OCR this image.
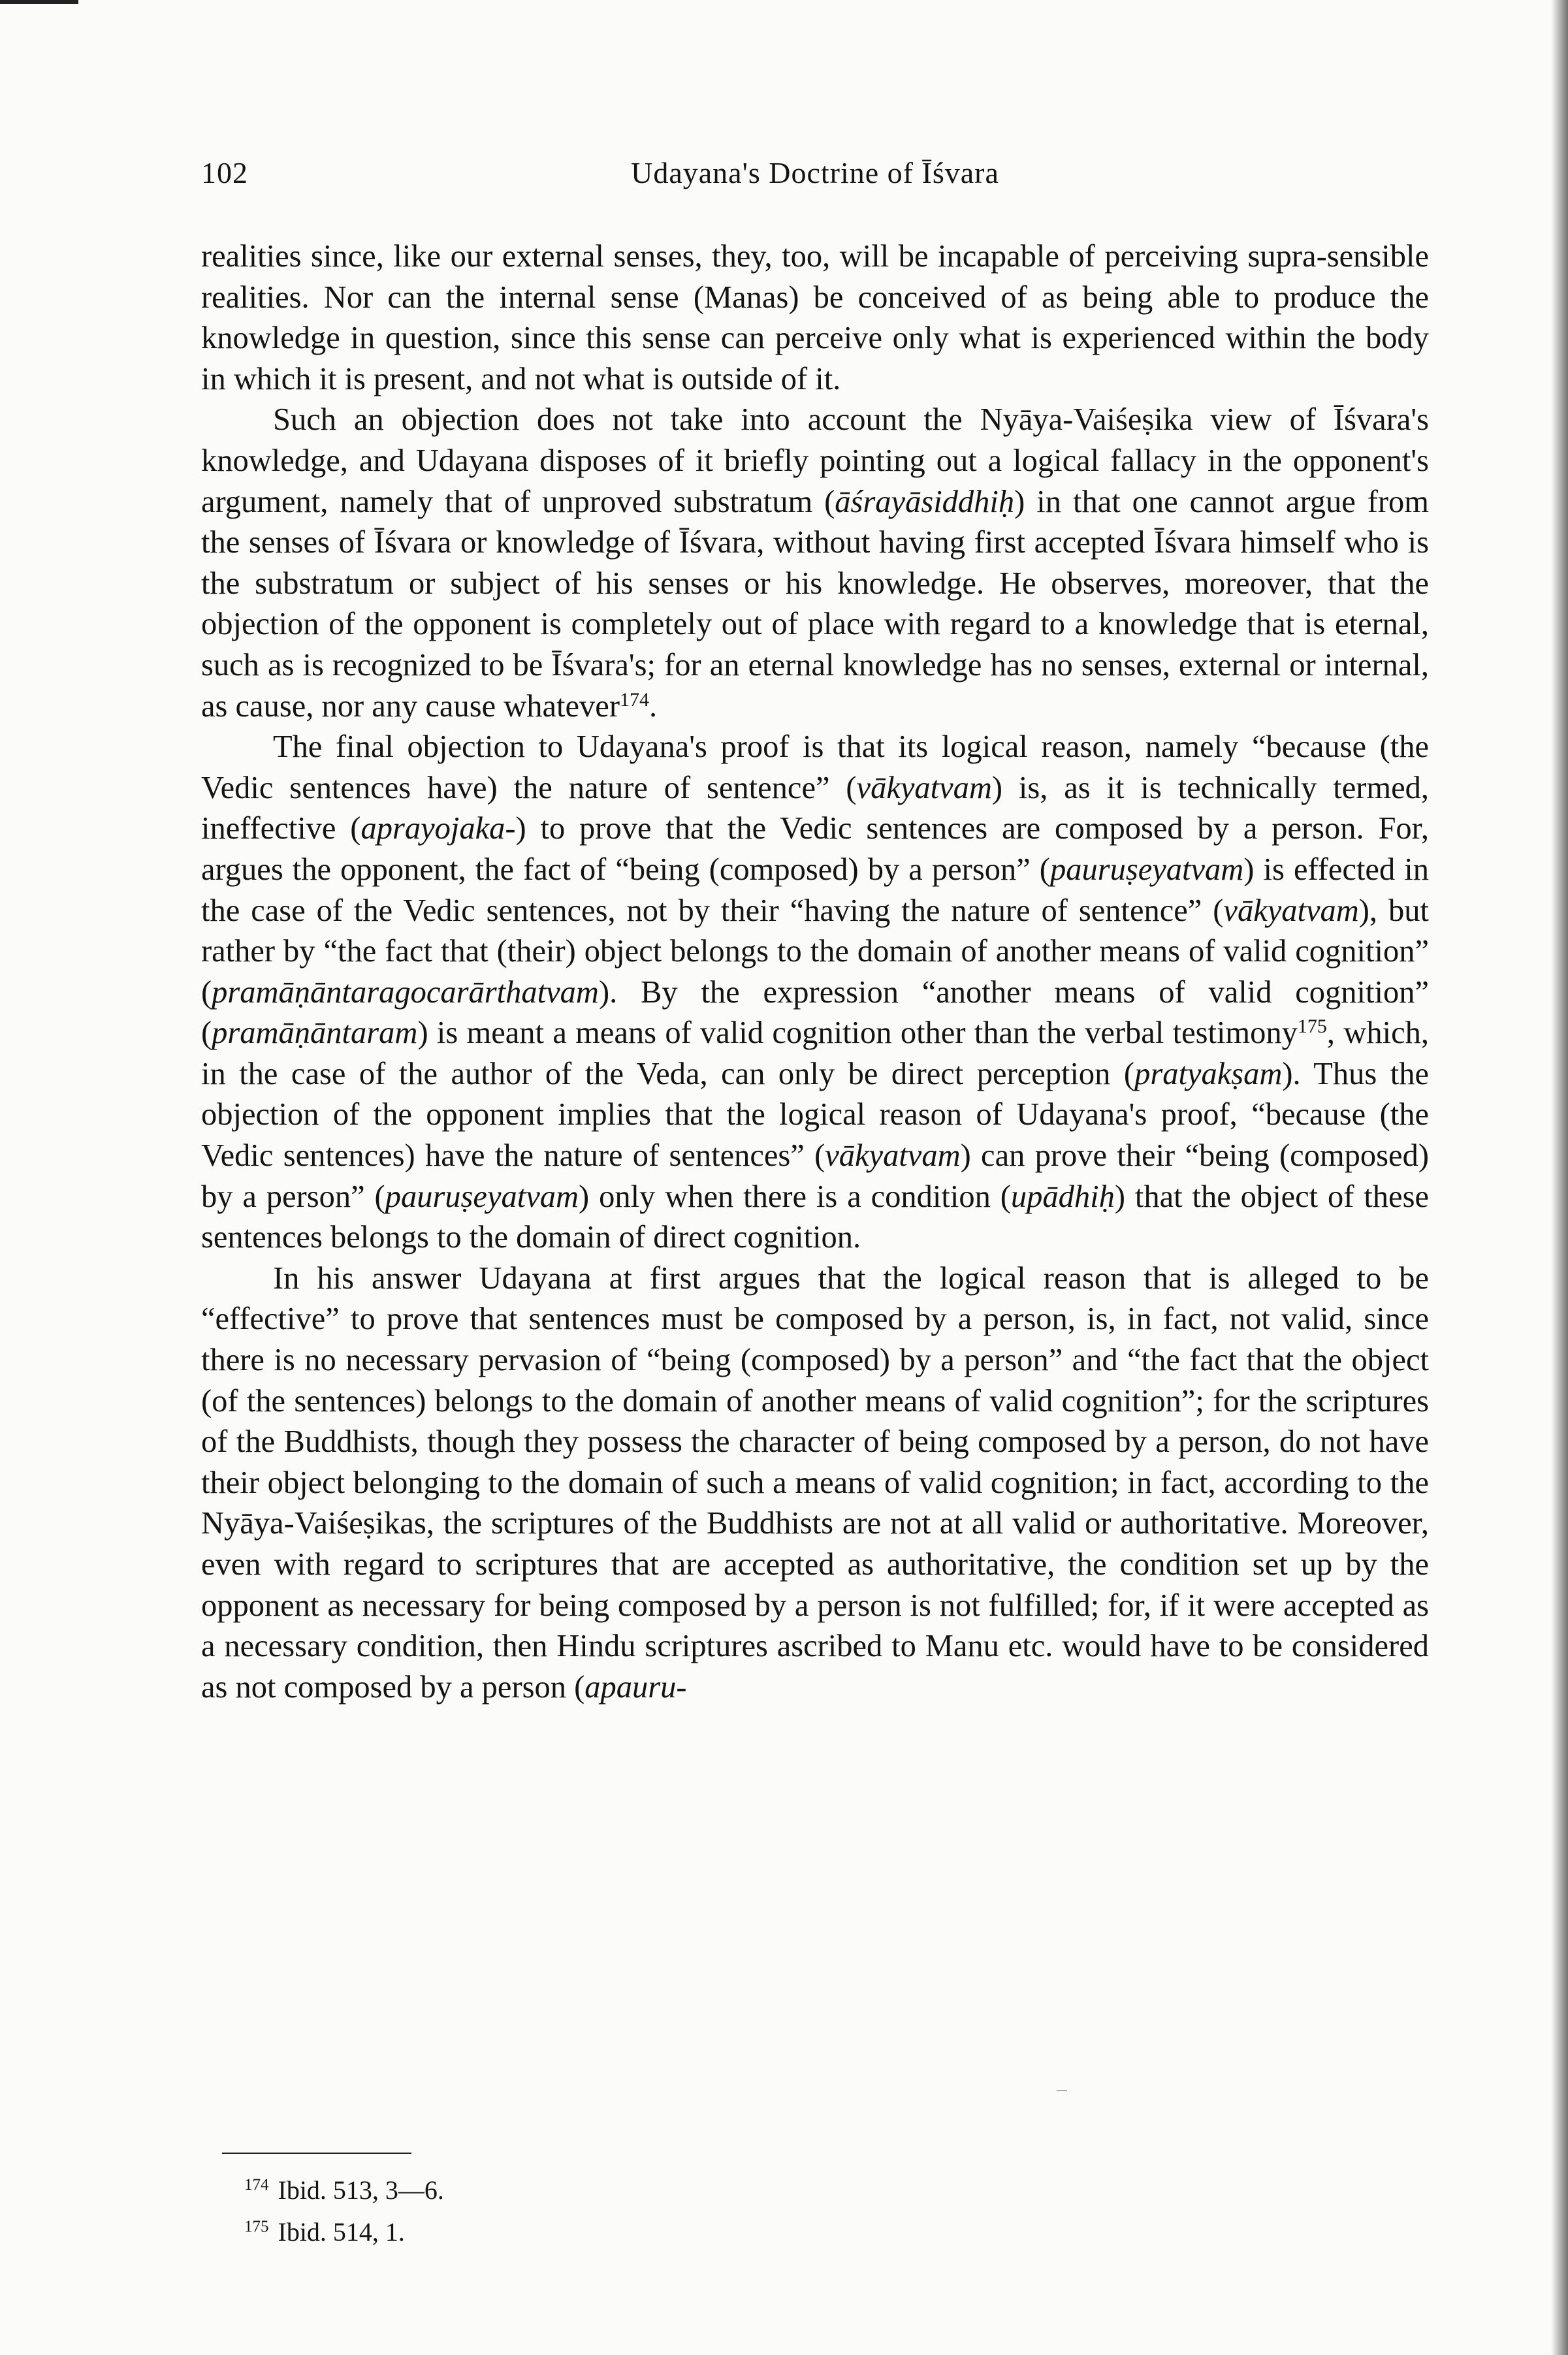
102	Udayana's Doctrine of Īśvara

realities since, like our external senses, they, too, will be incapable of perceiving supra-sensible realities. Nor can the internal sense (Manas) be conceived of as being able to produce the knowledge in question, since this sense can perceive only what is experienced within the body in which it is present, and not what is outside of it.

Such an objection does not take into account the Nyāya-Vaiśeṣika view of Īśvara's knowledge, and Udayana disposes of it briefly pointing out a logical fallacy in the opponent's argument, namely that of unproved substratum (āśrayāsiddhiḥ) in that one cannot argue from the senses of Īśvara or knowledge of Īśvara, without having first accepted Īśvara himself who is the substratum or subject of his senses or his knowledge. He observes, moreover, that the objection of the opponent is completely out of place with regard to a knowledge that is eternal, such as is recognized to be Īśvara's; for an eternal knowledge has no senses, external or internal, as cause, nor any cause whatever$^{174}$.

The final objection to Udayana's proof is that its logical reason, namely “because (the Vedic sentences have) the nature of sentence” (vākyatvam) is, as it is technically termed, ineffective (aprayojaka-) to prove that the Vedic sentences are composed by a person. For, argues the opponent, the fact of “being (composed) by a person” (pauruṣeyatvam) is effected in the case of the Vedic sentences, not by their “having the nature of sentence” (vākyatvam), but rather by “the fact that (their) object belongs to the domain of another means of valid cognition” (pramāṇāntaragocarārthatvam). By the expression “another means of valid cognition” (pramāṇāntaram) is meant a means of valid cognition other than the verbal testimony$^{175}$, which, in the case of the author of the Veda, can only be direct perception (pratyakṣam). Thus the objection of the opponent implies that the logical reason of Udayana's proof, “because (the Vedic sentences) have the nature of sentences” (vākyatvam) can prove their “being (composed) by a person” (pauruṣeyatvam) only when there is a condition (upādhiḥ) that the object of these sentences belongs to the domain of direct cognition.

In his answer Udayana at first argues that the logical reason that is alleged to be “effective” to prove that sentences must be composed by a person, is, in fact, not valid, since there is no necessary pervasion of “being (composed) by a person” and “the fact that the object (of the sentences) belongs to the domain of another means of valid cognition”; for the scriptures of the Buddhists, though they possess the character of being composed by a person, do not have their object belonging to the domain of such a means of valid cognition; in fact, according to the Nyāya-Vaiśeṣikas, the scriptures of the Buddhists are not at all valid or authoritative. Moreover, even with regard to scriptures that are accepted as authoritative, the condition set up by the opponent as necessary for being composed by a person is not fulfilled; for, if it were accepted as a necessary condition, then Hindu scriptures ascribed to Manu etc. would have to be considered as not composed by a person (apauru-

$^{174}$ Ibid. 513, 3—6.
$^{175}$ Ibid. 514, 1.
